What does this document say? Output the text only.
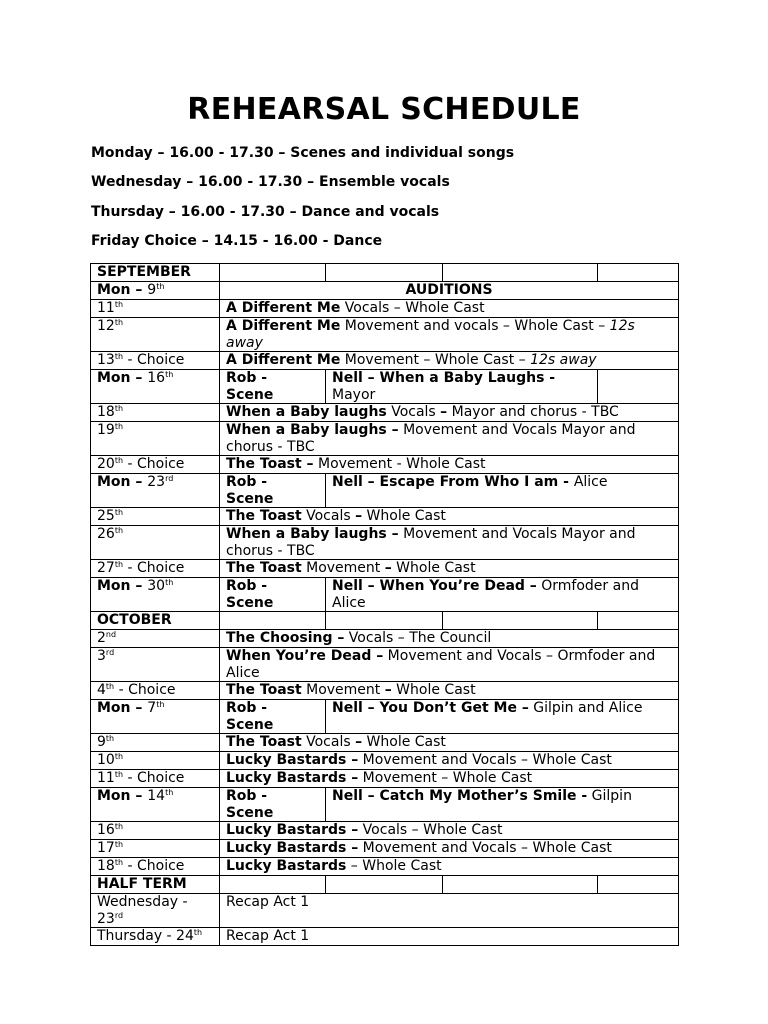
REHEARSAL SCHEDULE
Monday – 16.00 - 17.30 – Scenes and individual songs
Wednesday – 16.00 - 17.30 – Ensemble vocals
Thursday – 16.00 - 17.30 – Dance and vocals
Friday Choice – 14.15 - 16.00 - Dance
SEPTEMBER				
Mon – 9th	AUDITIONS			
11th	A Different Me Vocals – Whole Cast			
12th	A Different Me Movement and vocals – Whole Cast – 12s away			
13th - Choice	A Different Me Movement – Whole Cast – 12s away			
Mon – 16th	Rob - Scene	Nell – When a Baby Laughs - Mayor		
18th	When a Baby laughs Vocals – Mayor and chorus - TBC			
19th	When a Baby laughs – Movement and Vocals Mayor and chorus - TBC			
20th - Choice	The Toast – Movement - Whole Cast			
Mon – 23rd	Rob - Scene	Nell – Escape From Who I am - Alice		
25th	The Toast Vocals – Whole Cast			
26th	When a Baby laughs – Movement and Vocals Mayor and chorus - TBC			
27th - Choice	The Toast Movement – Whole Cast			
Mon – 30th	Rob - Scene	Nell – When You’re Dead – Ormfoder and Alice		
OCTOBER				
2nd	The Choosing – Vocals – The Council			
3rd	When You’re Dead – Movement and Vocals – Ormfoder and Alice			
4th - Choice	The Toast Movement – Whole Cast			
Mon – 7th	Rob - Scene	Nell – You Don’t Get Me – Gilpin and Alice		
9th	The Toast Vocals – Whole Cast			
10th	Lucky Bastards – Movement and Vocals – Whole Cast			
11th - Choice	Lucky Bastards – Movement – Whole Cast			
Mon – 14th	Rob - Scene	Nell – Catch My Mother’s Smile - Gilpin		
16th	Lucky Bastards – Vocals – Whole Cast			
17th	Lucky Bastards – Movement and Vocals – Whole Cast			
18th - Choice	Lucky Bastards – Whole Cast			
HALF TERM				
Wednesday - 23rd	Recap Act 1			
Thursday - 24th	Recap Act 1			
